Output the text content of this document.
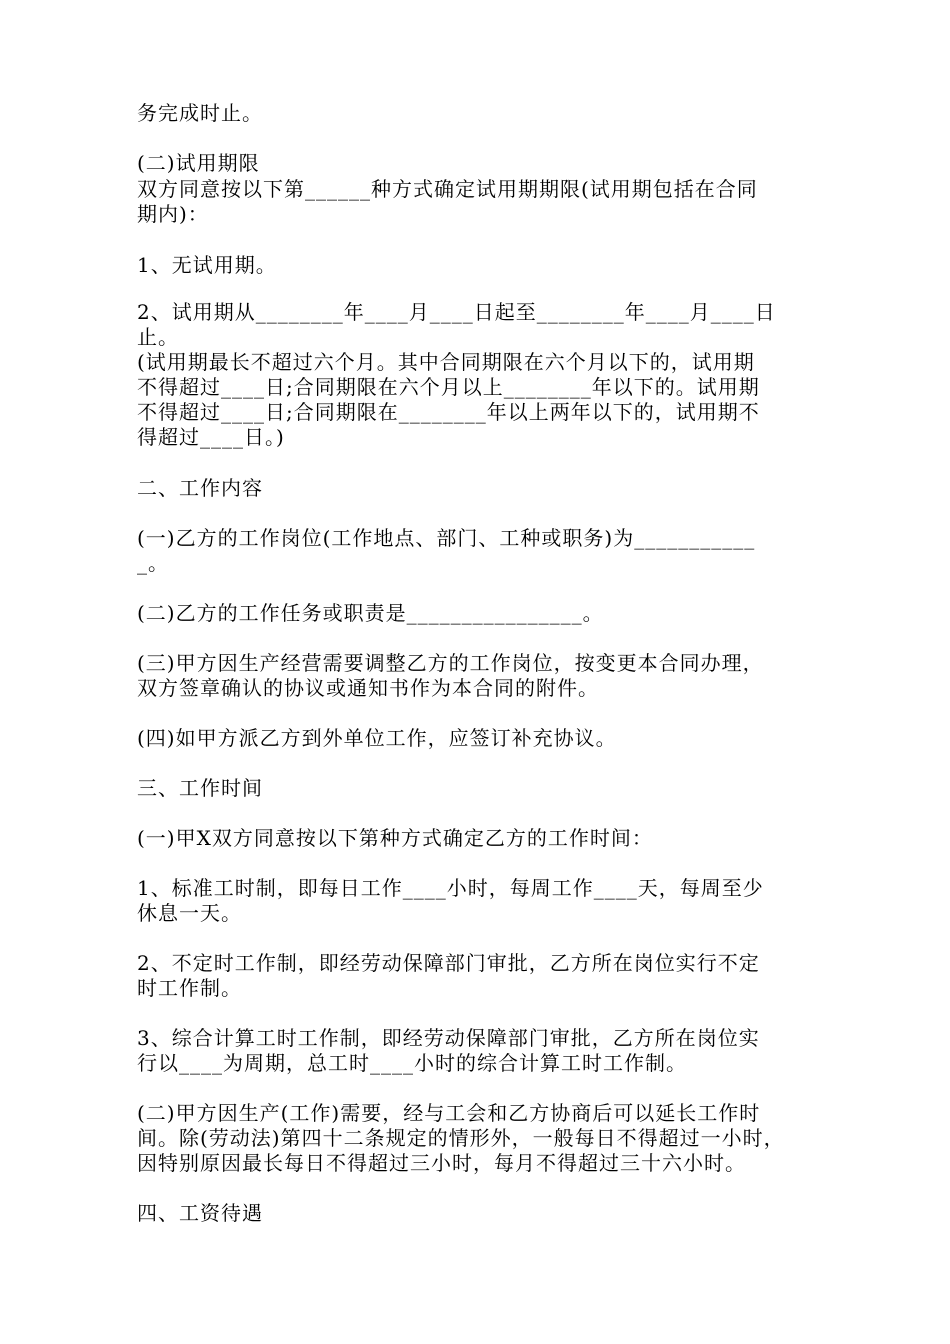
务完成时止。
(二)试用期限
双方同意按以下第______种方式确定试用期期限(试用期包括在合同
期内)：
1、无试用期。
2、试用期从________年____月____日起至________年____月____日
止。
(试用期最长不超过六个月。其中合同期限在六个月以下的，试用期
不得超过____日;合同期限在六个月以上________年以下的。试用期
不得超过____日;合同期限在________年以上两年以下的，试用期不
得超过____日。)
二、工作内容
(一)乙方的工作岗位(工作地点、部门、工种或职务)为___________
_。
(二)乙方的工作任务或职责是________________。
(三)甲方因生产经营需要调整乙方的工作岗位，按变更本合同办理，
双方签章确认的协议或通知书作为本合同的附件。
(四)如甲方派乙方到外单位工作，应签订补充协议。
三、工作时间
(一)甲X双方同意按以下第种方式确定乙方的工作时间：
1、标准工时制，即每日工作____小时，每周工作____天，每周至少
休息一天。
2、不定时工作制，即经劳动保障部门审批，乙方所在岗位实行不定
时工作制。
3、综合计算工时工作制，即经劳动保障部门审批，乙方所在岗位实
行以____为周期，总工时____小时的综合计算工时工作制。
(二)甲方因生产(工作)需要，经与工会和乙方协商后可以延长工作时
间。除(劳动法)第四十二条规定的情形外，一般每日不得超过一小时，
因特别原因最长每日不得超过三小时，每月不得超过三十六小时。
四、工资待遇
